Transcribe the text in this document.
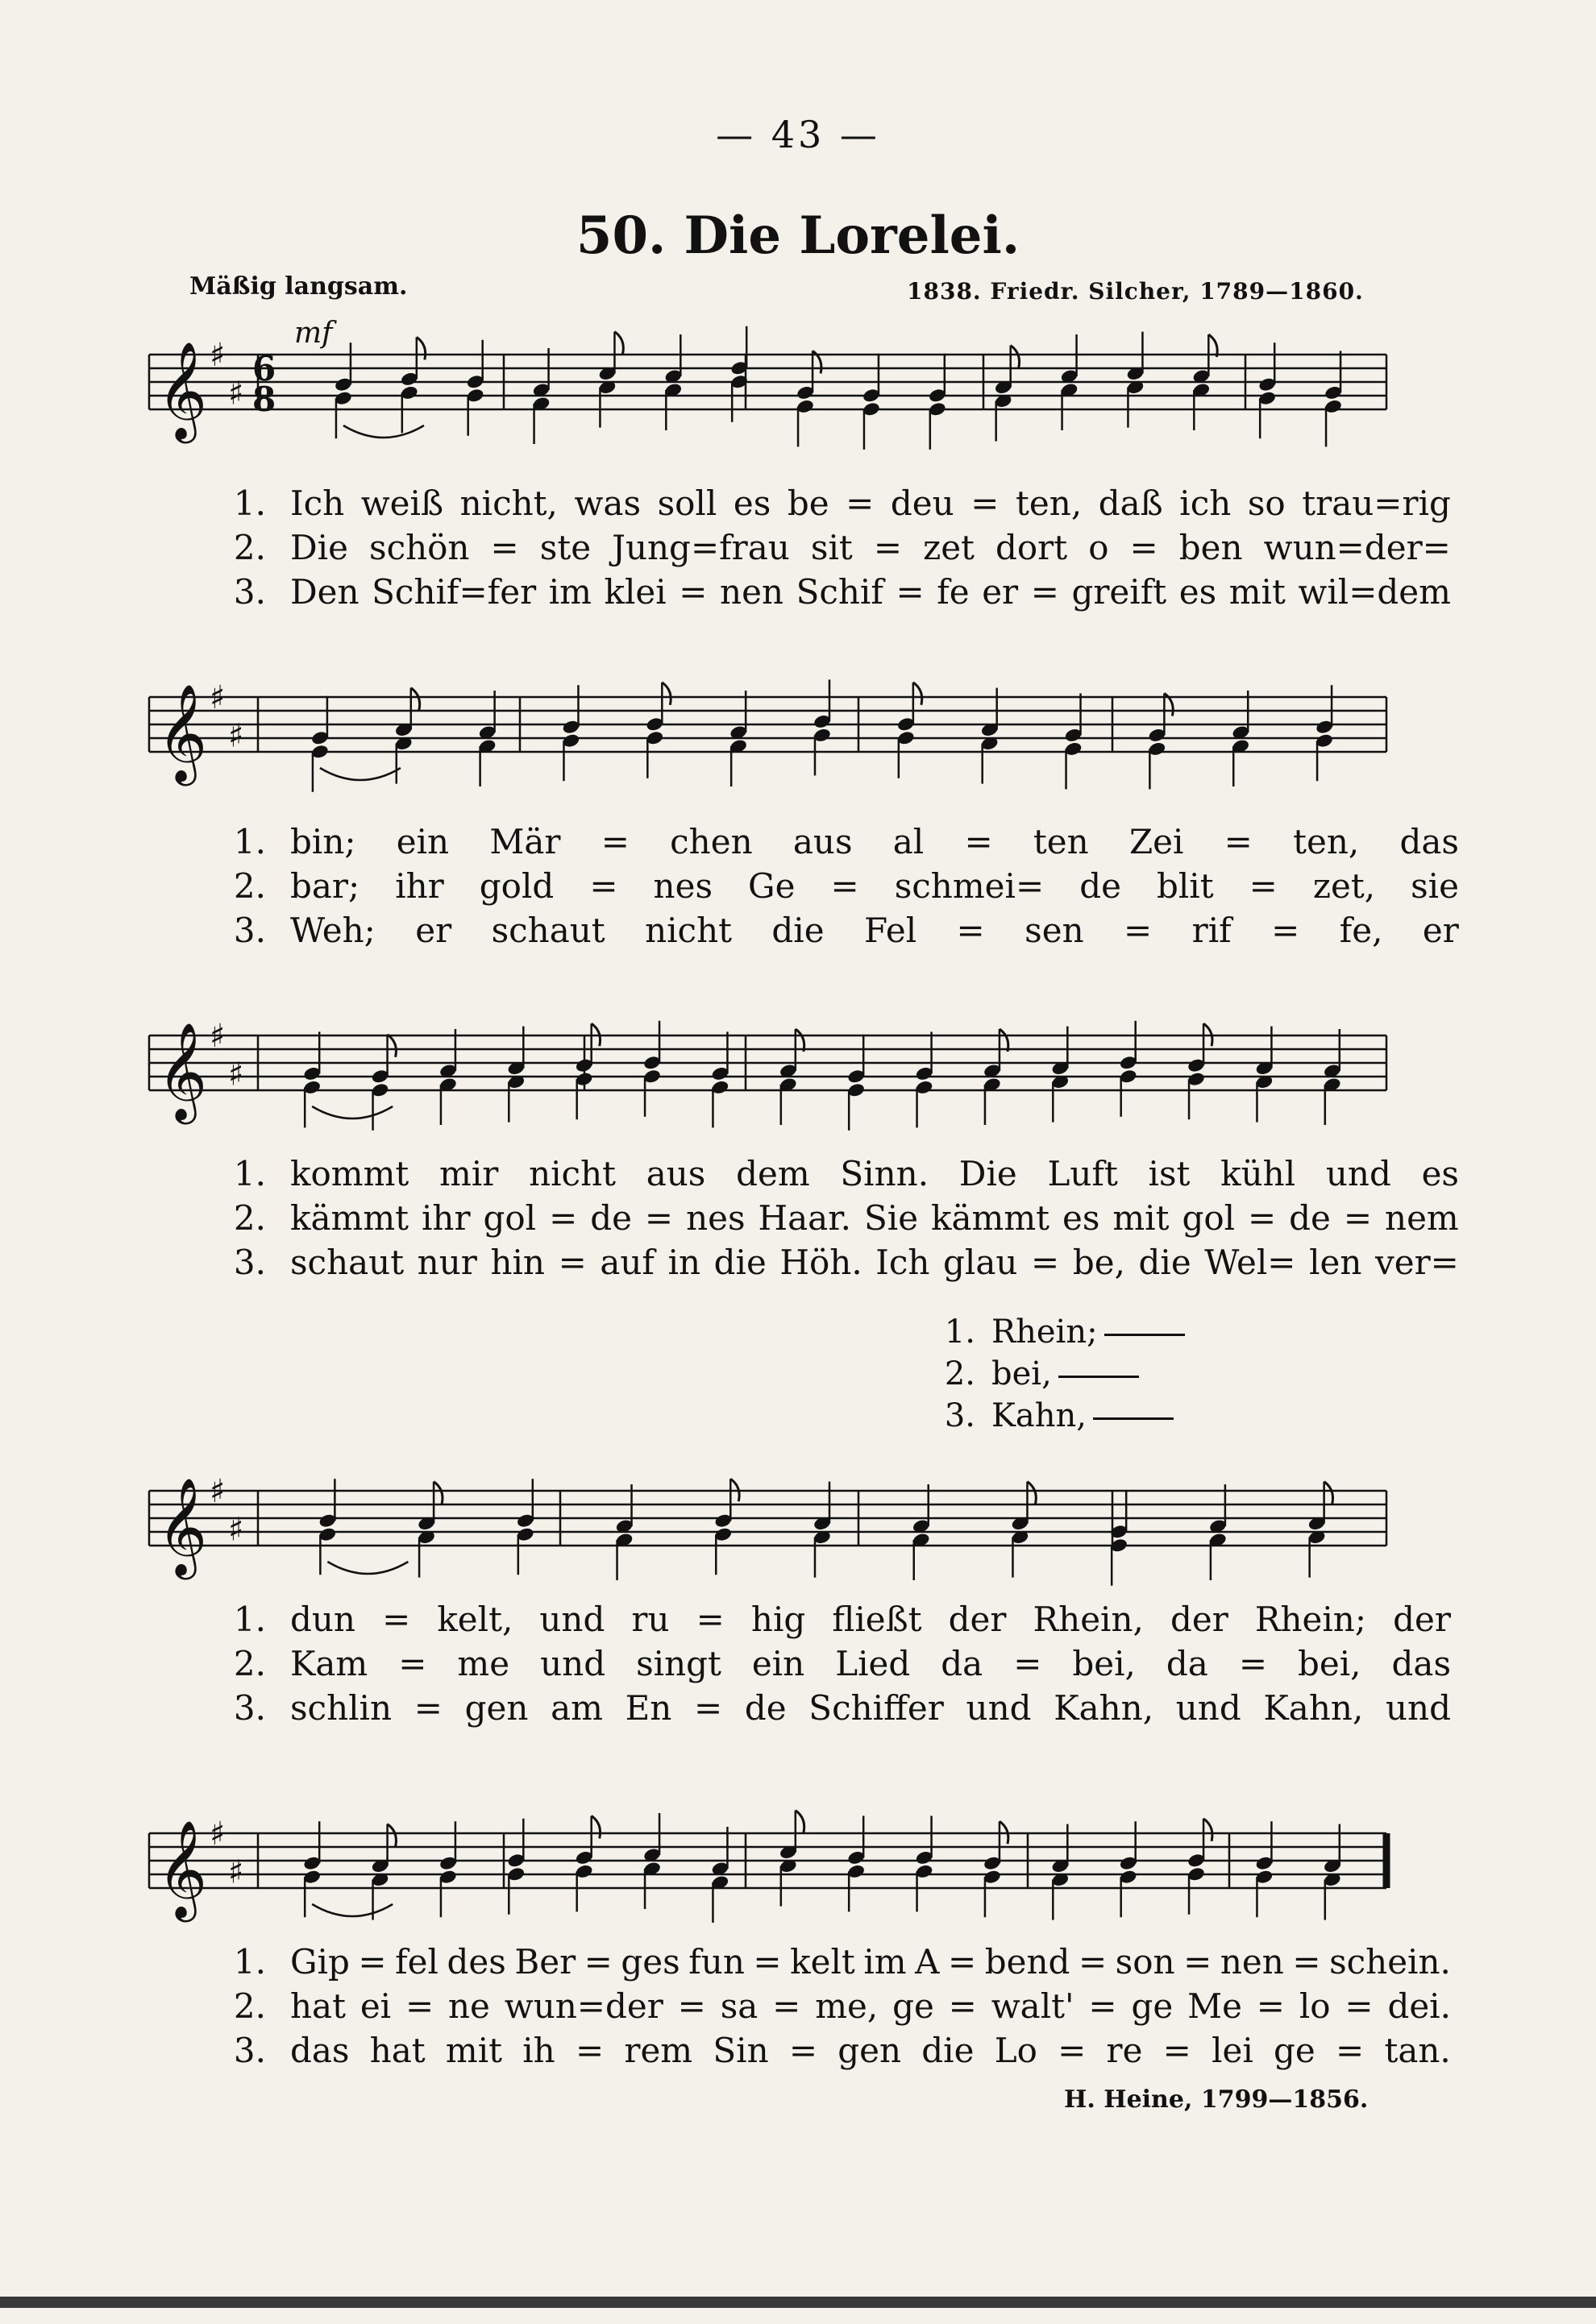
— 43 —
50. Die Lorelei.
Mäßig langsam.	1838. Friedr. Silcher, 1789—1860.
𝄞 ♯
♯
6
8
mf
1. Ich weiß nicht, was soll es be = deu = ten, daß ich so trau=rig
2. Die schön = ste Jung=frau sit = zet dort o = ben wun=der=
3. Den Schif=fer im klei = nen Schif = fe er = greift es mit wil=dem
𝄞 ♯
♯
1. bin; ein Mär = chen aus al = ten Zei = ten, das
2. bar; ihr gold = nes Ge = schmei= de blit = zet, sie
3. Weh; er schaut nicht die Fel = sen = rif = fe, er
𝄞 ♯
♯
1. kommt mir nicht aus dem Sinn. Die Luft ist kühl und es
2. kämmt ihr gol = de = nes Haar. Sie kämmt es mit gol = de = nem
3. schaut nur hin = auf in die Höh. Ich glau = be, die Wel= len ver=
1. Rhein;
2. bei,
3. Kahn,
𝄞 ♯
♯
1. dun = kelt, und ru = hig fließt der Rhein, der Rhein; der
2. Kam = me und singt ein Lied da = bei, da = bei, das
3. schlin = gen am En = de Schiffer und Kahn, und Kahn, und
𝄞 ♯
♯
1. Gip = fel des Ber = ges fun = kelt im A = bend = son = nen = schein.
2. hat ei = ne wun=der = sa = me, ge = walt' = ge Me = lo = dei.
3. das hat mit ih = rem Sin = gen die Lo = re = lei ge = tan.
H. Heine, 1799—1856.
